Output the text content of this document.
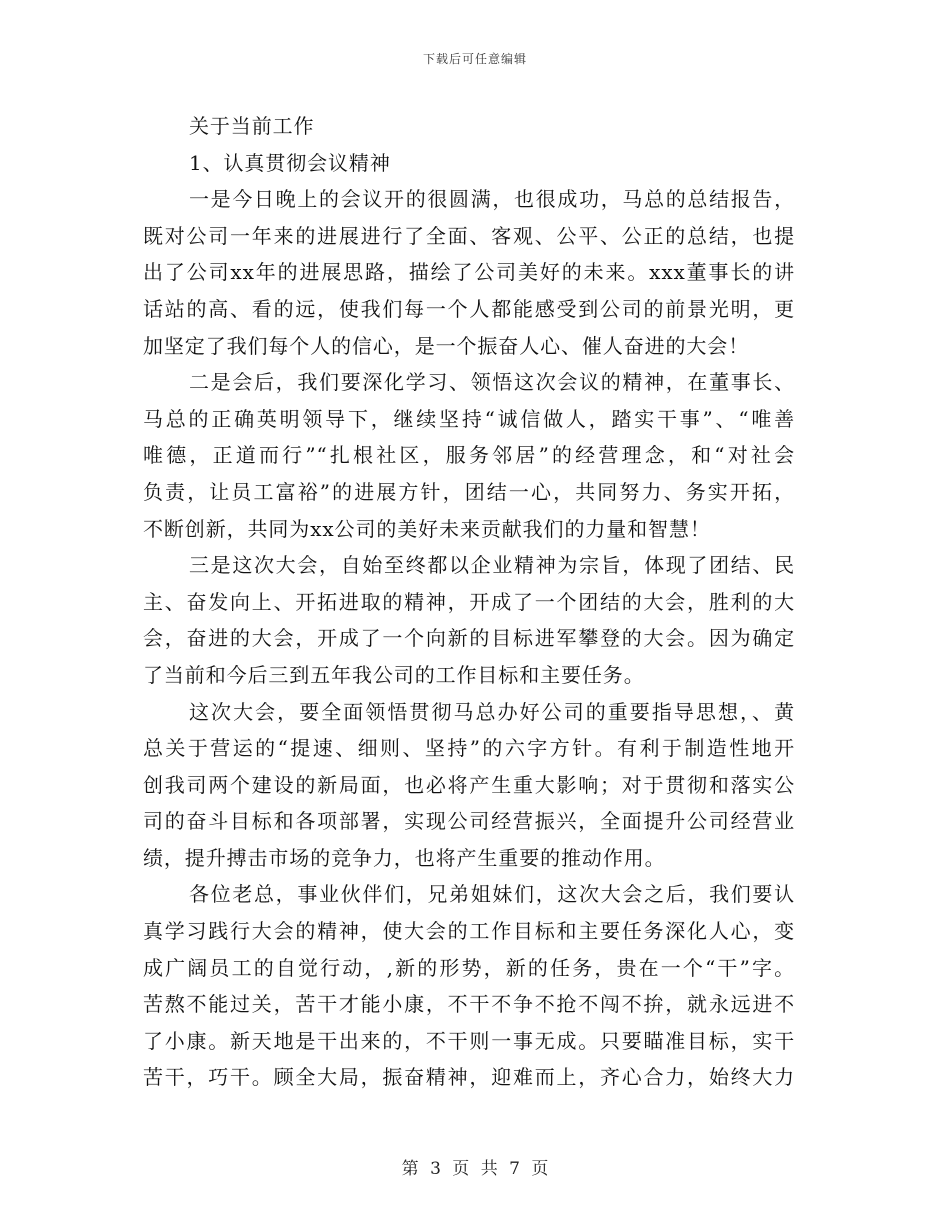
下载后可任意编辑
关于当前工作
1、认真贯彻会议精神
一是今日晚上的会议开的很圆满，也很成功，马总的总结报告，
既对公司一年来的进展进行了全面、客观、公平、公正的总结，也提
出了公司xx年的进展思路，描绘了公司美好的未来。xxx董事长的讲
话站的高、看的远，使我们每一个人都能感受到公司的前景光明，更
加坚定了我们每个人的信心，是一个振奋人心、催人奋进的大会！
二是会后，我们要深化学习、领悟这次会议的精神，在董事长、
马总的正确英明领导下，继续坚持“诚信做人，踏实干事”、“唯善
唯德，正道而行”“扎根社区，服务邻居”的经营理念，和“对社会
负责，让员工富裕”的进展方针，团结一心，共同努力、务实开拓，
不断创新，共同为xx公司的美好未来贡献我们的力量和智慧！
三是这次大会，自始至终都以企业精神为宗旨，体现了团结、民
主、奋发向上、开拓进取的精神，开成了一个团结的大会，胜利的大
会，奋进的大会，开成了一个向新的目标进军攀登的大会。因为确定
了当前和今后三到五年我公司的工作目标和主要任务。
这次大会，要全面领悟贯彻马总办好公司的重要指导思想，、黄
总关于营运的“提速、细则、坚持”的六字方针。有利于制造性地开
创我司两个建设的新局面，也必将产生重大影响；对于贯彻和落实公
司的奋斗目标和各项部署，实现公司经营振兴，全面提升公司经营业
绩，提升搏击市场的竞争力，也将产生重要的推动作用。
各位老总，事业伙伴们，兄弟姐妹们，这次大会之后，我们要认
真学习践行大会的精神，使大会的工作目标和主要任务深化人心，变
成广阔员工的自觉行动，,新的形势，新的任务，贵在一个“干”字。
苦熬不能过关，苦干才能小康，不干不争不抢不闯不拚，就永远进不
了小康。新天地是干出来的，不干则一事无成。只要瞄准目标，实干
苦干，巧干。顾全大局，振奋精神，迎难而上，齐心合力，始终大力
第 3 页 共 7 页
